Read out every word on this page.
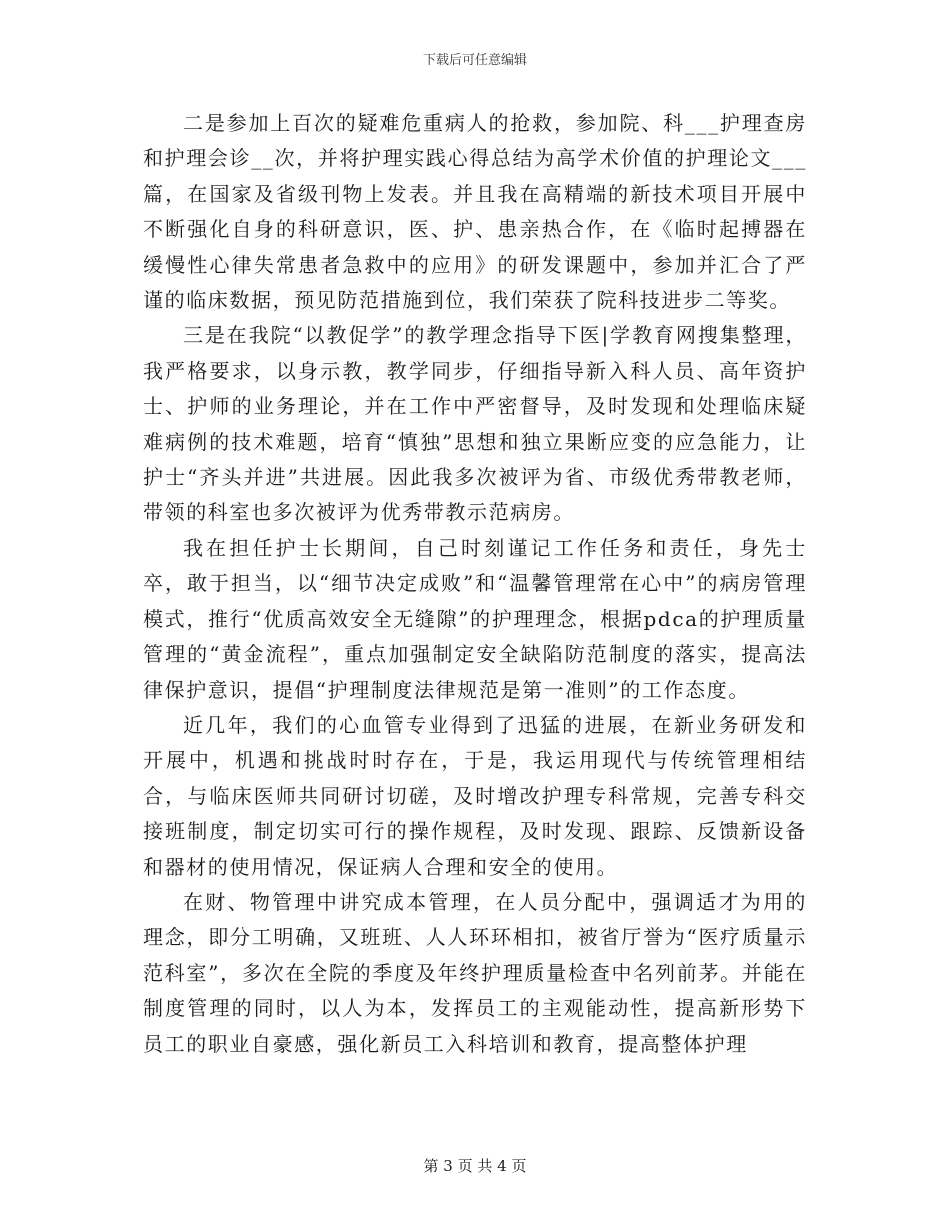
下载后可任意编辑

二是参加上百次的疑难危重病人的抢救，参加院、科___护理查房和护理会诊__次，并将护理实践心得总结为高学术价值的护理论文___篇，在国家及省级刊物上发表。并且我在高精端的新技术项目开展中不断强化自身的科研意识，医、护、患亲热合作，在《临时起搏器在缓慢性心律失常患者急救中的应用》的研发课题中，参加并汇合了严谨的临床数据，预见防范措施到位，我们荣获了院科技进步二等奖。

三是在我院“以教促学”的教学理念指导下医|学教育网搜集整理，我严格要求，以身示教，教学同步，仔细指导新入科人员、高年资护士、护师的业务理论，并在工作中严密督导，及时发现和处理临床疑难病例的技术难题，培育“慎独”思想和独立果断应变的应急能力，让护士“齐头并进”共进展。因此我多次被评为省、市级优秀带教老师，带领的科室也多次被评为优秀带教示范病房。

我在担任护士长期间，自己时刻谨记工作任务和责任，身先士卒，敢于担当，以“细节决定成败”和“温馨管理常在心中”的病房管理模式，推行“优质高效安全无缝隙”的护理理念，根据pdca的护理质量管理的“黄金流程”，重点加强制定安全缺陷防范制度的落实，提高法律保护意识，提倡“护理制度法律规范是第一准则”的工作态度。

近几年，我们的心血管专业得到了迅猛的进展，在新业务研发和开展中，机遇和挑战时时存在，于是，我运用现代与传统管理相结合，与临床医师共同研讨切磋，及时增改护理专科常规，完善专科交接班制度，制定切实可行的操作规程，及时发现、跟踪、反馈新设备和器材的使用情况，保证病人合理和安全的使用。

在财、物管理中讲究成本管理，在人员分配中，强调适才为用的理念，即分工明确，又班班、人人环环相扣，被省厅誉为“医疗质量示范科室”，多次在全院的季度及年终护理质量检查中名列前茅。并能在制度管理的同时，以人为本，发挥员工的主观能动性，提高新形势下员工的职业自豪感，强化新员工入科培训和教育，提高整体护理

第 3 页 共 4 页
